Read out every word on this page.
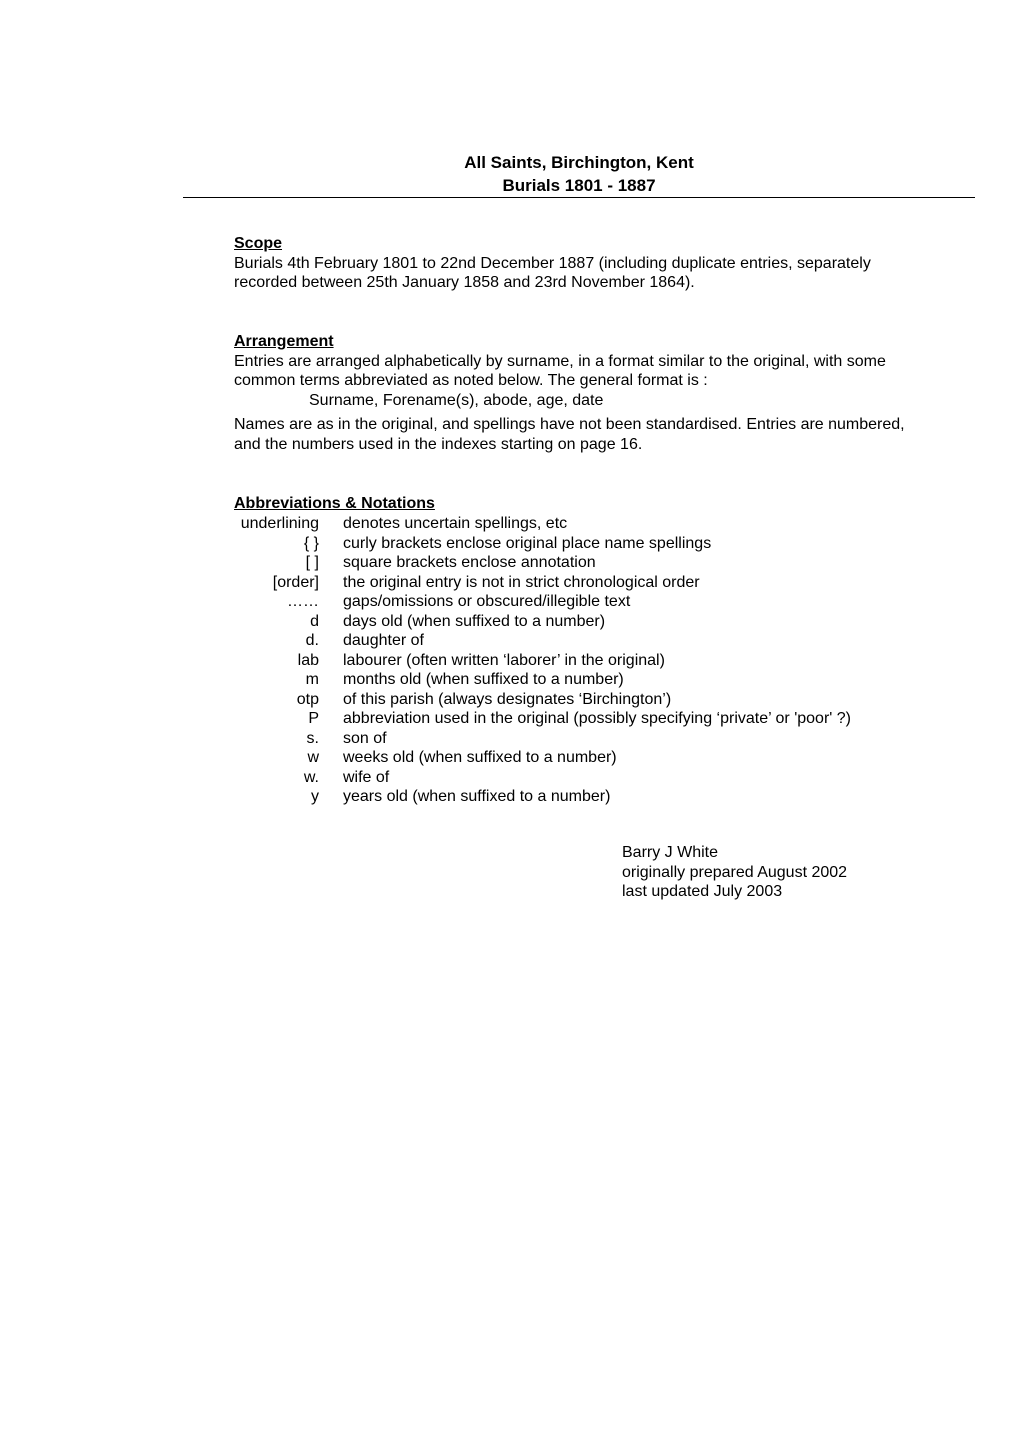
All Saints, Birchington, Kent
Burials 1801 - 1887
Scope
Burials 4th February 1801 to 22nd December 1887 (including duplicate entries, separately recorded between 25th January 1858 and 23rd November 1864).
Arrangement
Entries are arranged alphabetically by surname, in a format similar to the original, with some common terms abbreviated as noted below. The general format is :
Surname, Forename(s), abode, age, date
Names are as in the original, and spellings have not been standardised. Entries are numbered, and the numbers used in the indexes starting on page 16.
Abbreviations & Notations
underlining	denotes uncertain spellings, etc
{ }	curly brackets enclose original place name spellings
[ ]	square brackets enclose annotation
[order]	the original entry is not in strict chronological order
……	gaps/omissions or obscured/illegible text
d	days old (when suffixed to a number)
d.	daughter of
lab	labourer (often written ‘laborer’ in the original)
m	months old (when suffixed to a number)
otp	of this parish (always designates ‘Birchington’)
P	abbreviation used in the original (possibly specifying ‘private’ or 'poor' ?)
s.	son of
w	weeks old (when suffixed to a number)
w.	wife of
y	years old (when suffixed to a number)
Barry J White
originally prepared August 2002
last updated July 2003
